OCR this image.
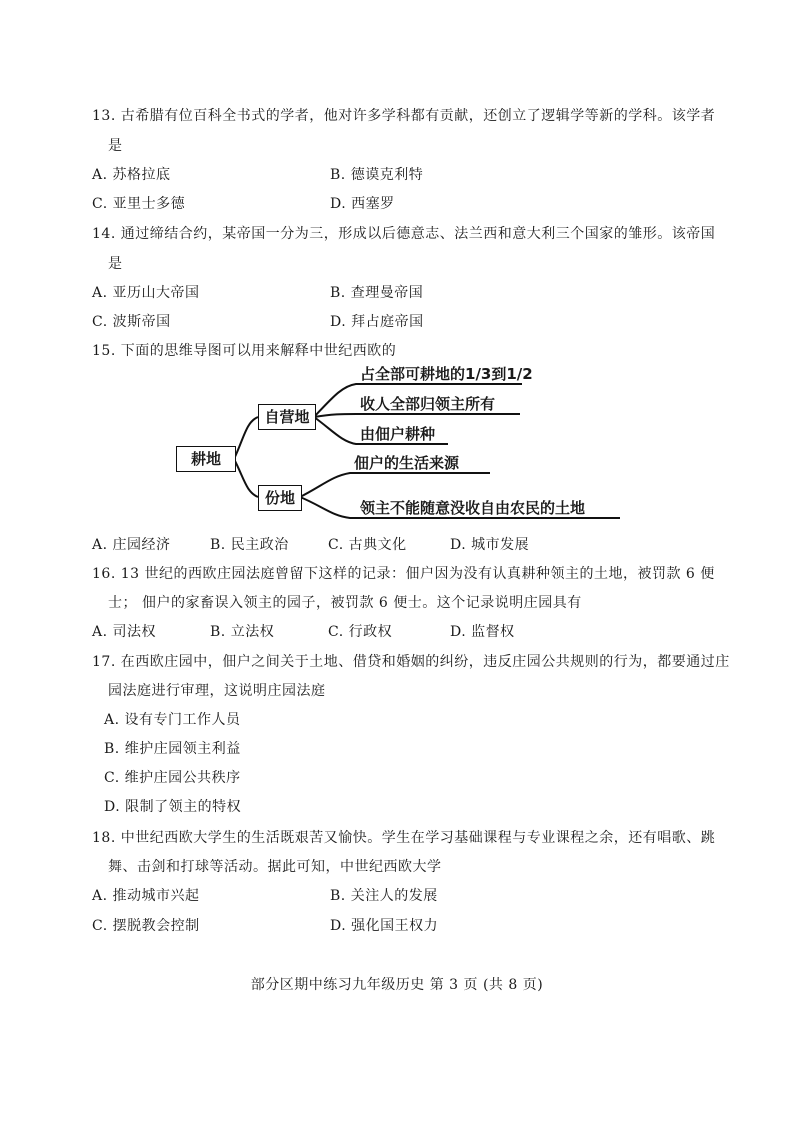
13. 古希腊有位百科全书式的学者，他对许多学科都有贡献，还创立了逻辑学等新的学科。该学者
是
A. 苏格拉底	B. 德谟克利特
C. 亚里士多德	D. 西塞罗
14. 通过缔结合约，某帝国一分为三，形成以后德意志、法兰西和意大利三个国家的雏形。该帝国
是
A. 亚历山大帝国	B. 查理曼帝国
C. 波斯帝国	D. 拜占庭帝国
15. 下面的思维导图可以用来解释中世纪西欧的
耕地
自营地
份地
占全部可耕地的1/3到1/2
收人全部归领主所有
由佃户耕种
佃户的生活来源
领主不能随意没收自由农民的土地
A. 庄园经济	B. 民主政治	C. 古典文化	D. 城市发展
16. 13 世纪的西欧庄园法庭曾留下这样的记录：佃户因为没有认真耕种领主的土地，被罚款 6 便
士； 佃户的家畜误入领主的园子，被罚款 6 便士。这个记录说明庄园具有
A. 司法权	B. 立法权	C. 行政权	D. 监督权
17. 在西欧庄园中，佃户之间关于土地、借贷和婚姻的纠纷，违反庄园公共规则的行为，都要通过庄
园法庭进行审理，这说明庄园法庭
A. 设有专门工作人员
B. 维护庄园领主利益
C. 维护庄园公共秩序
D. 限制了领主的特权
18. 中世纪西欧大学生的生活既艰苦又愉快。学生在学习基础课程与专业课程之余，还有唱歌、跳
舞、击剑和打球等活动。据此可知，中世纪西欧大学
A. 推动城市兴起	B. 关注人的发展
C. 摆脱教会控制	D. 强化国王权力
部分区期中练习九年级历史 第 3 页 (共 8 页)
